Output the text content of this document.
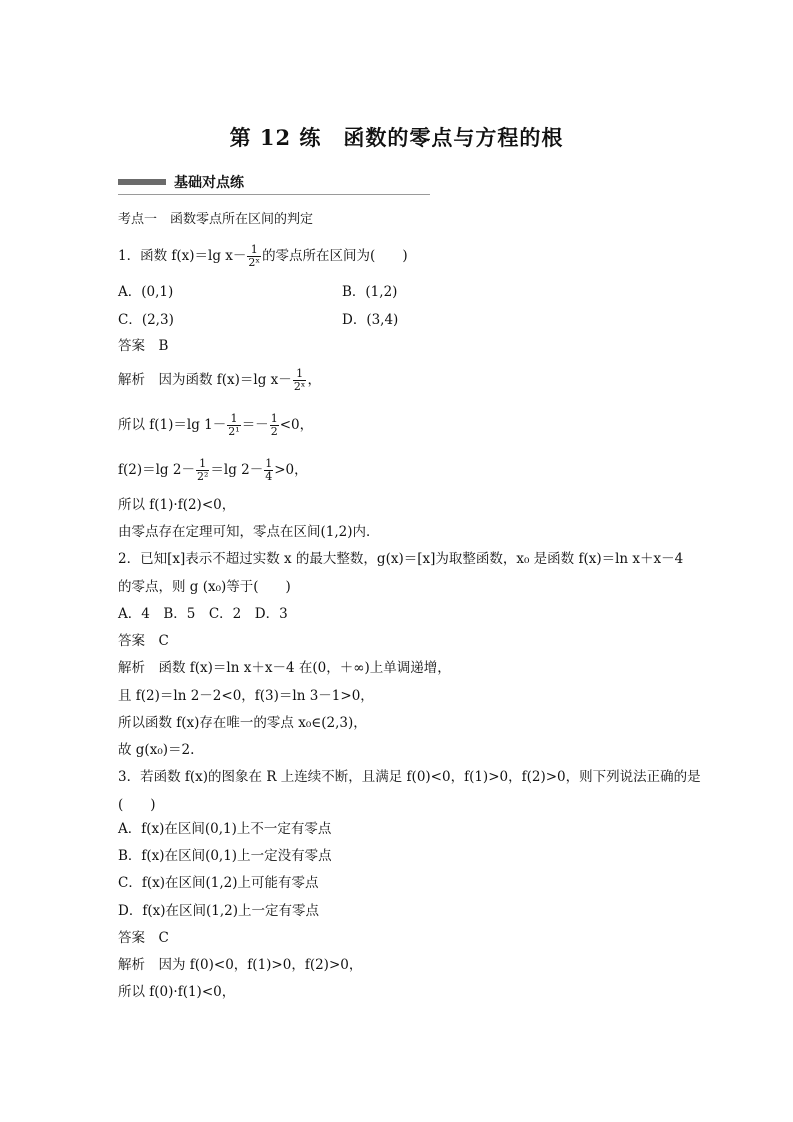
第 12 练　函数的零点与方程的根
基础对点练
考点一　函数零点所在区间的判定
1．函数 f(x)＝lg $x- \frac{1}{\text{2ˣ}}$ 的零点所在区间为(　　)
A．(0,1)	B．(1,2)
C．(2,3)	D．(3,4)
答案　B
解析　因为函数 f(x)＝lg $x- \frac{1}{\text{2ˣ}}$ ，
所以 f(1)＝lg $1- \frac{1}{\text{2¹}} =- \frac{1}{2} <0$，
f(2)＝lg $2- \frac{1}{\text{2²}} =\lg$ $2- \frac{1}{4} >0$，
所以 f(1)·f(2)<0，
由零点存在定理可知，零点在区间(1,2)内．
2．已知[x]表示不超过实数 x 的最大整数，g(x)＝[x]为取整函数，x₀ 是函数 f(x)＝ln x＋x－4
的零点，则 g (x₀)等于(　　)
A．4　B．5　C．2　D．3
答案　C
解析　函数 f(x)＝ln x＋x－4 在(0，＋∞)上单调递增，
且 f(2)＝ln 2－2<0，f(3)＝ln 3－1>0，
所以函数 f(x)存在唯一的零点 x₀∈(2,3)，
故 g(x₀)＝2.
3．若函数 f(x)的图象在 R 上连续不断，且满足 f(0)<0，f(1)>0，f(2)>0，则下列说法正确的是
(　　)
A．f(x)在区间(0,1)上不一定有零点
B．f(x)在区间(0,1)上一定没有零点
C．f(x)在区间(1,2)上可能有零点
D．f(x)在区间(1,2)上一定有零点
答案　C
解析　因为 f(0)<0，f(1)>0，f(2)>0，
所以 f(0)·f(1)<0，
